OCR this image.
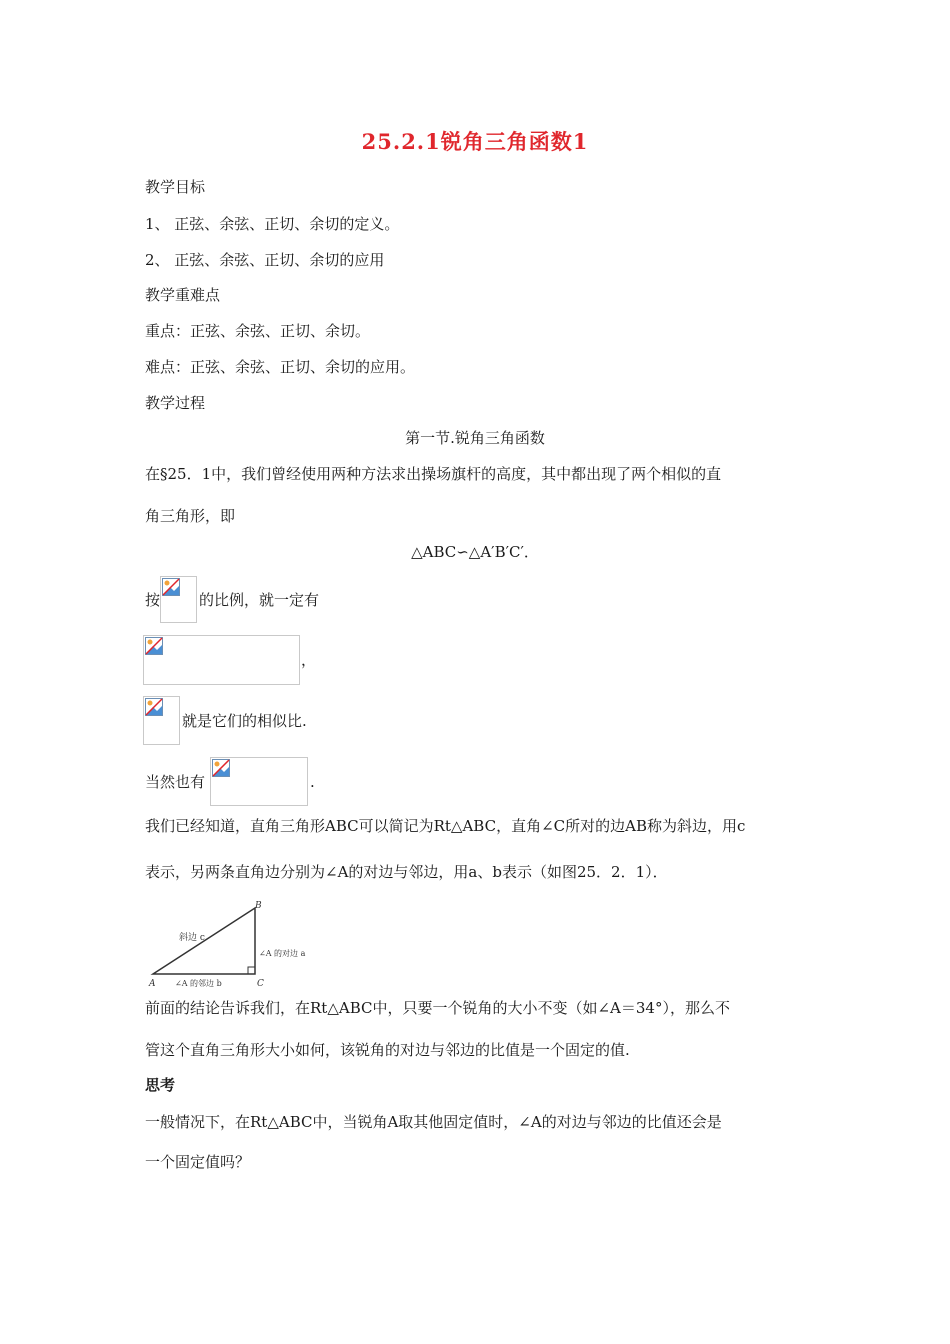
25.2.1锐角三角函数1
教学目标
1、 正弦、余弦、正切、余切的定义。
2、 正弦、余弦、正切、余切的应用
教学重难点
重点：正弦、余弦、正切、余切。
难点：正弦、余弦、正切、余切的应用。
教学过程
第一节.锐角三角函数
在§25．1中，我们曾经使用两种方法求出操场旗杆的高度，其中都出现了两个相似的直
角三角形，即
△ABC∽△A′B′C′．
按	的比例，就一定有
，
就是它们的相似比.
当然也有	.
我们已经知道，直角三角形ABC可以简记为Rt△ABC，直角∠C所对的边AB称为斜边，用c
表示，另两条直角边分别为∠A的对边与邻边，用a、b表示（如图25．2．1）．
A
B
C
斜边 c
∠A 的对边 a
∠A 的邻边 b
前面的结论告诉我们，在Rt△ABC中，只要一个锐角的大小不变（如∠A＝34°），那么不
管这个直角三角形大小如何，该锐角的对边与邻边的比值是一个固定的值.
思考
一般情况下，在Rt△ABC中，当锐角A取其他固定值时，∠A的对边与邻边的比值还会是
一个固定值吗？
